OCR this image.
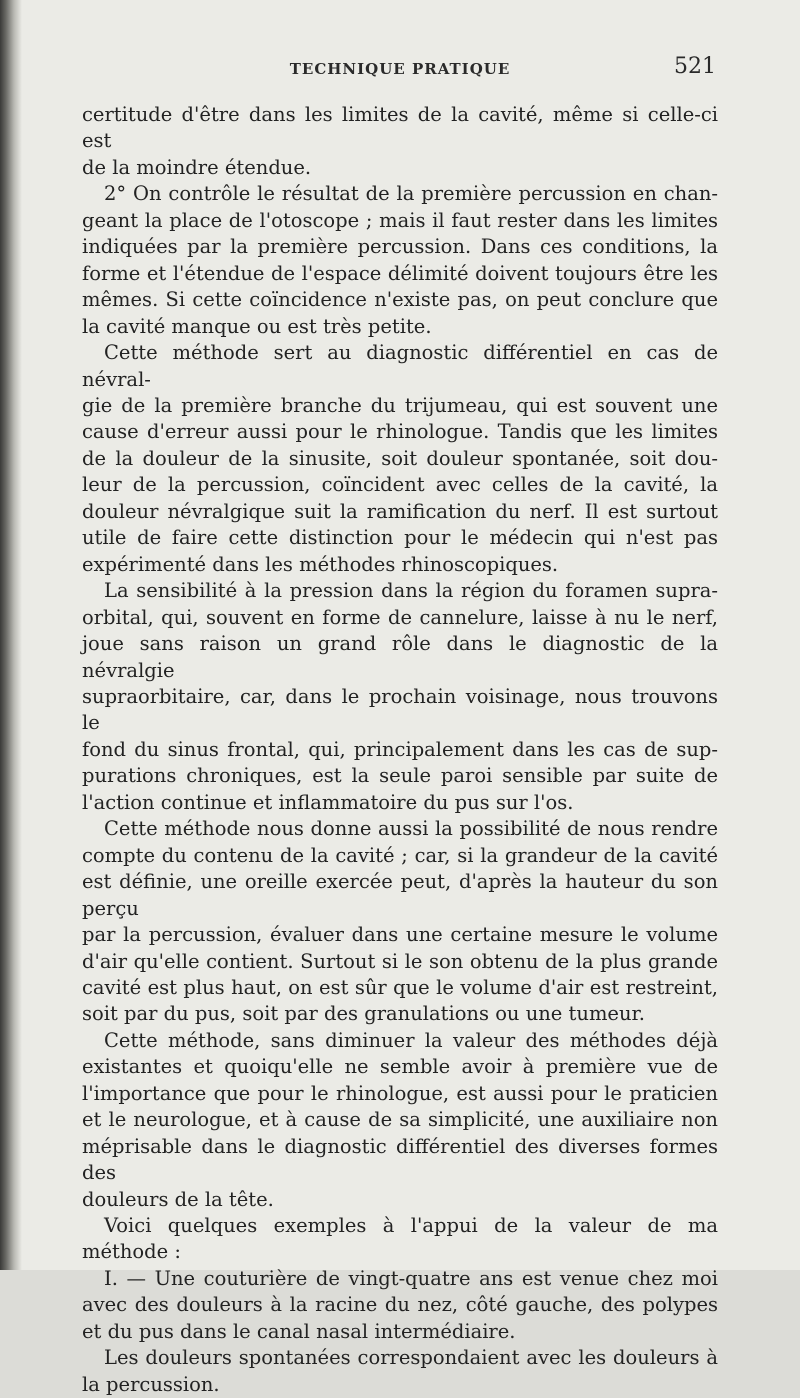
TECHNIQUE PRATIQUE	521

certitude d'être dans les limites de la cavité, même si celle-ci est

de la moindre étendue.

2° On contrôle le résultat de la première percussion en chan-

geant la place de l'otoscope ; mais il faut rester dans les limites

indiquées par la première percussion. Dans ces conditions, la

forme et l'étendue de l'espace délimité doivent toujours être les

mêmes. Si cette coïncidence n'existe pas, on peut conclure que

la cavité manque ou est très petite.

Cette méthode sert au diagnostic différentiel en cas de névral-

gie de la première branche du trijumeau, qui est souvent une

cause d'erreur aussi pour le rhinologue. Tandis que les limites

de la douleur de la sinusite, soit douleur spontanée, soit dou-

leur de la percussion, coïncident avec celles de la cavité, la

douleur névralgique suit la ramification du nerf. Il est surtout

utile de faire cette distinction pour le médecin qui n'est pas

expérimenté dans les méthodes rhinoscopiques.

La sensibilité à la pression dans la région du foramen supra-

orbital, qui, souvent en forme de cannelure, laisse à nu le nerf,

joue sans raison un grand rôle dans le diagnostic de la névralgie

supraorbitaire, car, dans le prochain voisinage, nous trouvons le

fond du sinus frontal, qui, principalement dans les cas de sup-

purations chroniques, est la seule paroi sensible par suite de

l'action continue et inflammatoire du pus sur l'os.

Cette méthode nous donne aussi la possibilité de nous rendre

compte du contenu de la cavité ; car, si la grandeur de la cavité

est définie, une oreille exercée peut, d'après la hauteur du son perçu

par la percussion, évaluer dans une certaine mesure le volume

d'air qu'elle contient. Surtout si le son obtenu de la plus grande

cavité est plus haut, on est sûr que le volume d'air est restreint,

soit par du pus, soit par des granulations ou une tumeur.

Cette méthode, sans diminuer la valeur des méthodes déjà

existantes et quoiqu'elle ne semble avoir à première vue de

l'importance que pour le rhinologue, est aussi pour le praticien

et le neurologue, et à cause de sa simplicité, une auxiliaire non

méprisable dans le diagnostic différentiel des diverses formes des

douleurs de la tête.

Voici quelques exemples à l'appui de la valeur de ma

méthode :

I. — Une couturière de vingt-quatre ans est venue chez moi

avec des douleurs à la racine du nez, côté gauche, des polypes

et du pus dans le canal nasal intermédiaire.

Les douleurs spontanées correspondaient avec les douleurs à

la percussion.
